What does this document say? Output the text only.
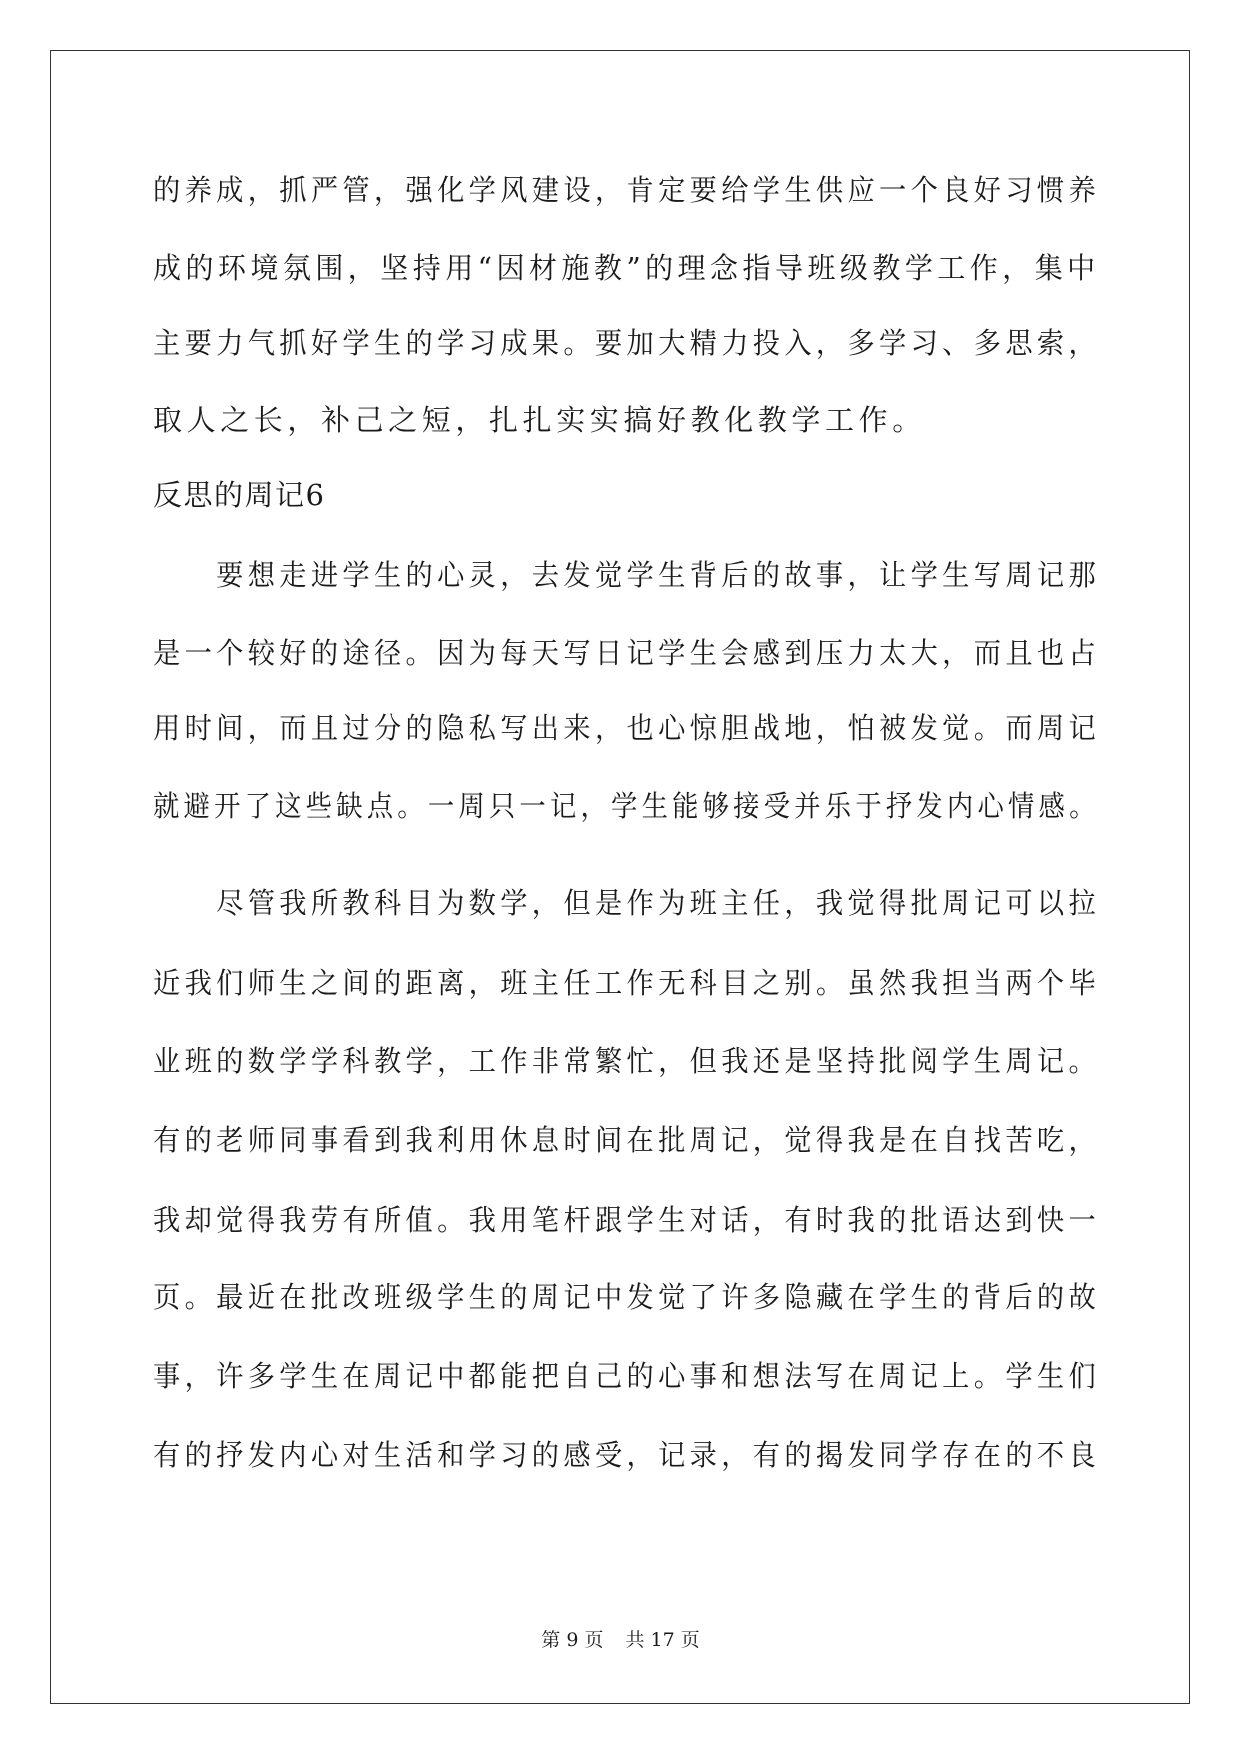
的养成，抓严管，强化学风建设，肯定要给学生供应一个良好习惯养
成的环境氛围，坚持用“因材施教”的理念指导班级教学工作，集中
主要力气抓好学生的学习成果。要加大精力投入，多学习、多思索，
取人之长，补己之短，扎扎实实搞好教化教学工作。
反思的周记6
　　要想走进学生的心灵，去发觉学生背后的故事，让学生写周记那
是一个较好的途径。因为每天写日记学生会感到压力太大，而且也占
用时间，而且过分的隐私写出来，也心惊胆战地，怕被发觉。而周记
就避开了这些缺点。一周只一记，学生能够接受并乐于抒发内心情感。
　　尽管我所教科目为数学，但是作为班主任，我觉得批周记可以拉
近我们师生之间的距离，班主任工作无科目之别。虽然我担当两个毕
业班的数学学科教学，工作非常繁忙，但我还是坚持批阅学生周记。
有的老师同事看到我利用休息时间在批周记，觉得我是在自找苦吃，
我却觉得我劳有所值。我用笔杆跟学生对话，有时我的批语达到快一
页。最近在批改班级学生的周记中发觉了许多隐藏在学生的背后的故
事，许多学生在周记中都能把自己的心事和想法写在周记上。学生们
有的抒发内心对生活和学习的感受，记录，有的揭发同学存在的不良
第 9 页 共 17 页
